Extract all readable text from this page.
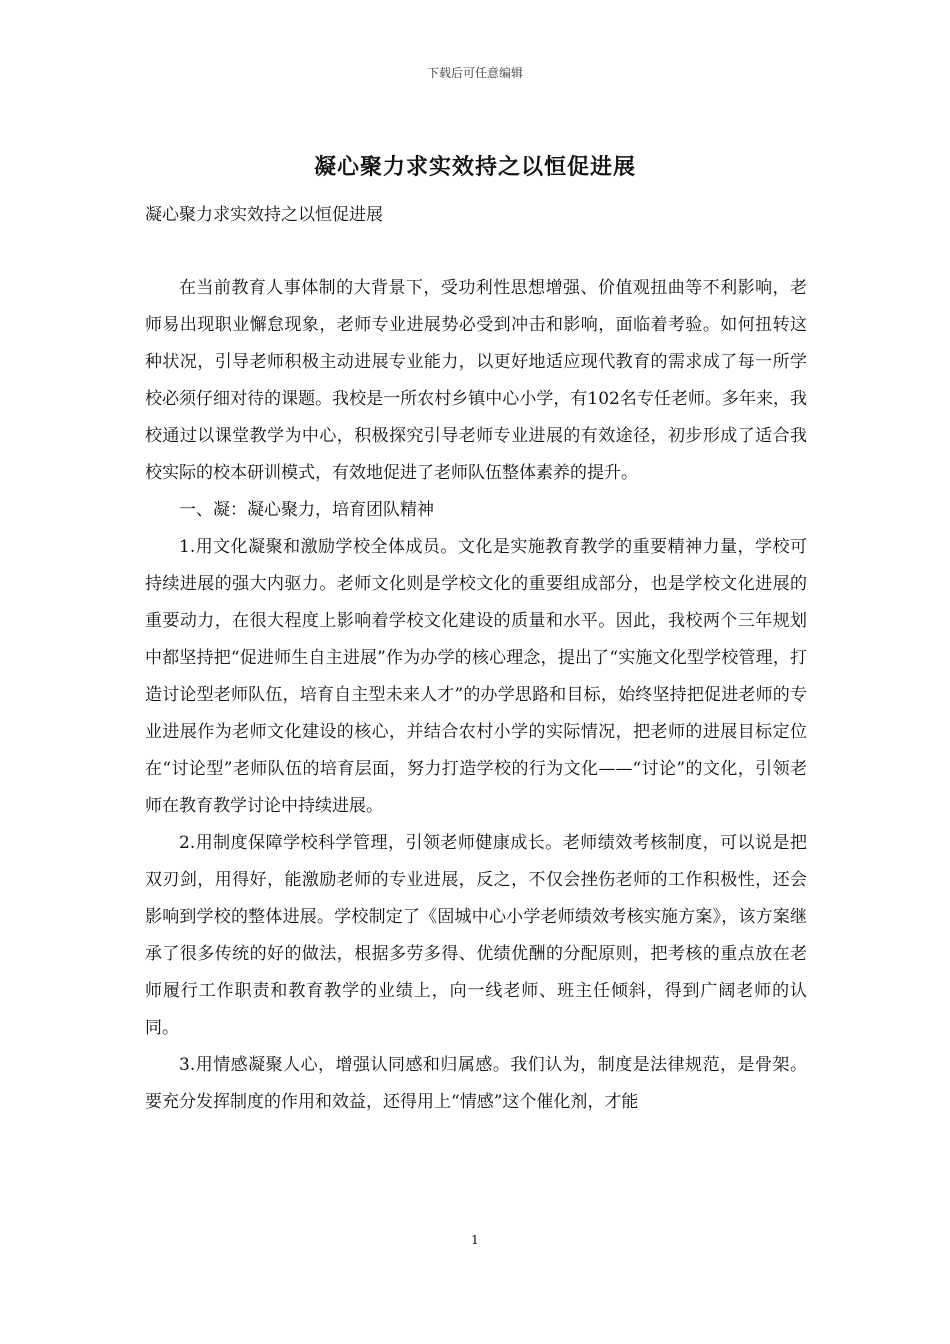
下载后可任意编辑
凝心聚力求实效持之以恒促进展
凝心聚力求实效持之以恒促进展

在当前教育人事体制的大背景下，受功利性思想增强、价值观扭曲等不利影响，老师易出现职业懈怠现象，老师专业进展势必受到冲击和影响，面临着考验。如何扭转这种状况，引导老师积极主动进展专业能力，以更好地适应现代教育的需求成了每一所学校必须仔细对待的课题。我校是一所农村乡镇中心小学，有102名专任老师。多年来，我校通过以课堂教学为中心，积极探究引导老师专业进展的有效途径，初步形成了适合我校实际的校本研训模式，有效地促进了老师队伍整体素养的提升。

一、凝：凝心聚力，培育团队精神

1.用文化凝聚和激励学校全体成员。文化是实施教育教学的重要精神力量，学校可持续进展的强大内驱力。老师文化则是学校文化的重要组成部分，也是学校文化进展的重要动力，在很大程度上影响着学校文化建设的质量和水平。因此，我校两个三年规划中都坚持把“促进师生自主进展”作为办学的核心理念，提出了“实施文化型学校管理，打造讨论型老师队伍，培育自主型未来人才”的办学思路和目标，始终坚持把促进老师的专业进展作为老师文化建设的核心，并结合农村小学的实际情况，把老师的进展目标定位在“讨论型”老师队伍的培育层面，努力打造学校的行为文化——“讨论”的文化，引领老师在教育教学讨论中持续进展。

2.用制度保障学校科学管理，引领老师健康成长。老师绩效考核制度，可以说是把双刃剑，用得好，能激励老师的专业进展，反之，不仅会挫伤老师的工作积极性，还会影响到学校的整体进展。学校制定了《固城中心小学老师绩效考核实施方案》，该方案继承了很多传统的好的做法，根据多劳多得、优绩优酬的分配原则，把考核的重点放在老师履行工作职责和教育教学的业绩上，向一线老师、班主任倾斜，得到广阔老师的认同。

3.用情感凝聚人心，增强认同感和归属感。我们认为，制度是法律规范，是骨架。要充分发挥制度的作用和效益，还得用上“情感”这个催化剂，才能

1
